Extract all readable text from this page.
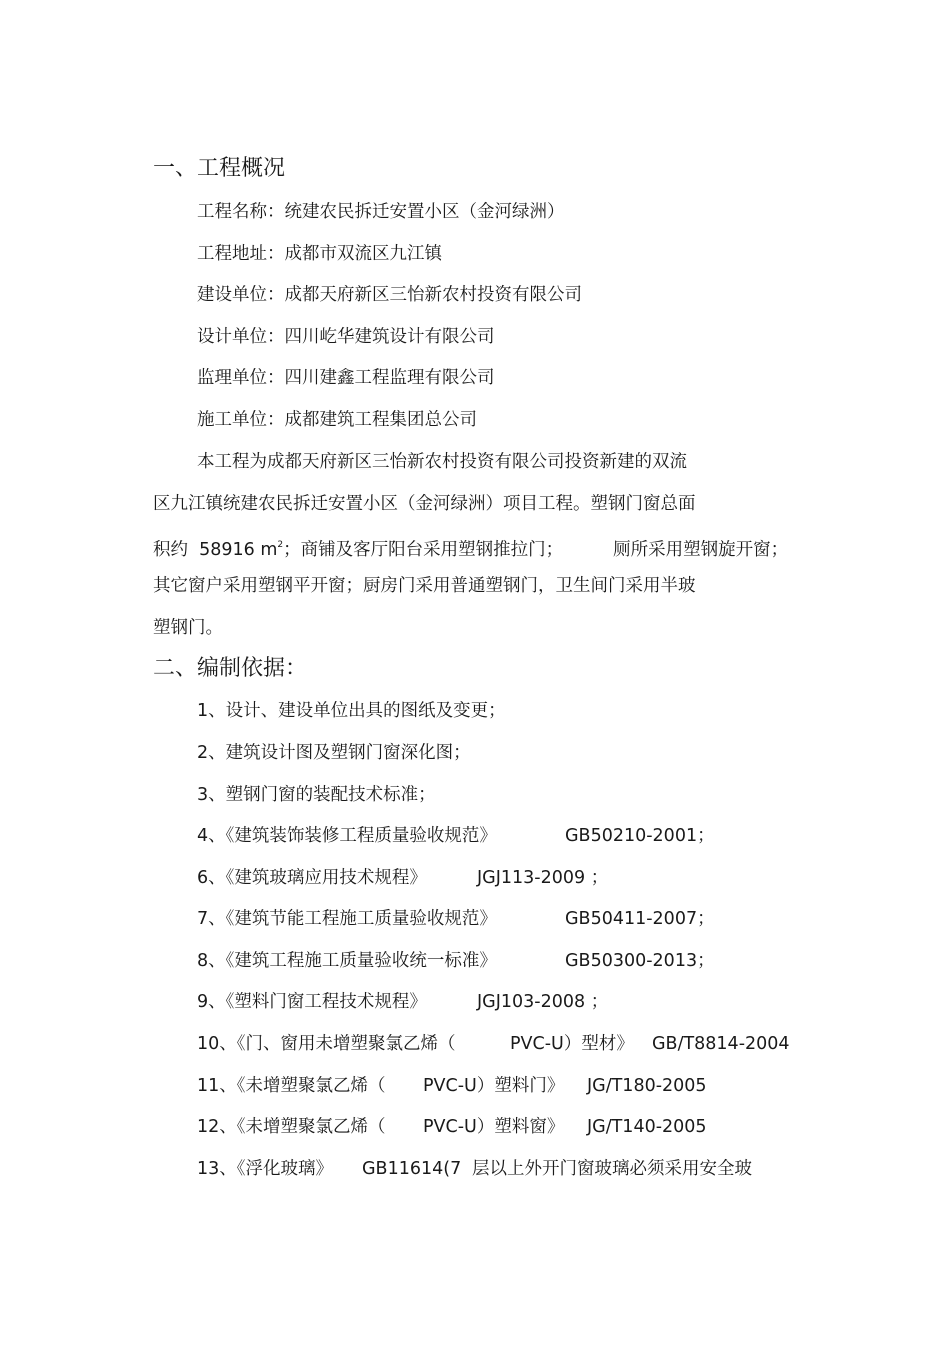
一、工程概况
工程名称：统建农民拆迁安置小区（金河绿洲）
工程地址：成都市双流区九江镇
建设单位：成都天府新区三怡新农村投资有限公司
设计单位：四川屹华建筑设计有限公司
监理单位：四川建鑫工程监理有限公司
施工单位：成都建筑工程集团总公司
本工程为成都天府新区三怡新农村投资有限公司投资新建的双流
区九江镇统建农民拆迁安置小区（金河绿洲）项目工程。塑钢门窗总面
积约  58916 $m^2$；商铺及客厅阳台采用塑钢推拉门；	厕所采用塑钢旋开窗；
其它窗户采用塑钢平开窗；厨房门采用普通塑钢门，卫生间门采用半玻
塑钢门。
二、编制依据：
1、设计、建设单位出具的图纸及变更；
2、建筑设计图及塑钢门窗深化图；
3、塑钢门窗的装配技术标准；
4、《建筑装饰装修工程质量验收规范》	GB50210-2001；
6、《建筑玻璃应用技术规程》	JGJ113-2009 ；
7、《建筑节能工程施工质量验收规范》	GB50411-2007；
8、《建筑工程施工质量验收统一标准》	GB50300-2013；
9、《塑料门窗工程技术规程》	JGJ103-2008 ；
10、《门、窗用未增塑聚氯乙烯（	PVC-U）型材》 GB/T8814-2004
11、《未增塑聚氯乙烯（ PVC-U）塑料门》 JG/T180-2005
12、《未增塑聚氯乙烯（ PVC-U）塑料窗》 JG/T140-2005
13、《浮化玻璃》 GB11614(7 层以上外开门窗玻璃必须采用安全玻
